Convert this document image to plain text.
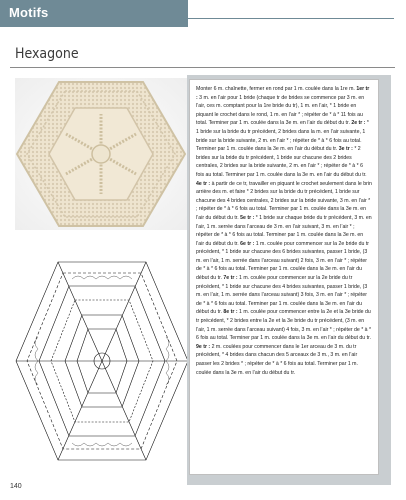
Motifs
Hexagone
Monter 6 m. chaînette, fermer en rond par 1 m. coulée dans la 1re m. 1er tr : 3 m. en l’air pour 1 bride (chaque tr de brides se commence par 3 m. en l’air, ces m. comptant pour la 1re bride du tr), 1 m. en l’air, * 1 bride en piquant le crochet dans le rond, 1 m. en l’air * ; répéter de * à * 11 fois au total. Terminer par 1 m. coulée dans la 3e m. en l’air du début du tr. 2e tr : * 1 bride sur la bride du tr précédent, 2 brides dans la m. en l’air suivante, 1 bride sur la bride suivante, 2 m. en l’air * ; répéter de * à * 6 fois au total. Terminer par 1 m. coulée dans la 3e m. en l’air du début du tr. 3e tr : * 2 brides sur la bride du tr précédent, 1 bride sur chacune des 2 brides centrales, 2 brides sur la bride suivante, 2 m. en l’air * ; répéter de * à * 6 fois au total. Terminer par 1 m. coulée dans la 3e m. en l’air du début du tr. 4e tr : à partir de ce tr, travailler en piquant le crochet seulement dans le brin arrière des m. et faire * 2 brides sur la bride du tr précédent, 1 bride sur chacune des 4 brides centrales, 2 brides sur la bride suivante, 3 m. en l’air * ; répéter de * à * 6 fois au total. Terminer par 1 m. coulée dans la 3e m. en l’air du début du tr. 5e tr : * 1 bride sur chaque bride du tr précédent, 3 m. en l’air, 1 m. serrée dans l’arceau de 3 m. en l’air suivant, 3 m. en l’air * ; répéter de * à * 6 fois au total. Terminer par 1 m. coulée dans la 3e m. en l’air du début du tr. 6e tr : 1 m. coulée pour commencer sur la 2e bride du tr précédent, * 1 bride sur chacune des 6 brides suivantes, passer 1 bride, (3 m. en l’air, 1 m. serrée dans l’arceau suivant) 2 fois, 3 m. en l’air * ; répéter de * à * 6 fois au total. Terminer par 1 m. coulée dans la 3e m. en l’air du début du tr. 7e tr : 1 m. coulée pour commencer sur la 2e bride du tr précédent, * 1 bride sur chacune des 4 brides suivantes, passer 1 bride, (3 m. en l’air, 1 m. serrée dans l’arceau suivant) 3 fois, 3 m. en l’air * ; répéter de * à * 6 fois au total. Terminer par 1 m. coulée dans la 3e m. en l’air du début du tr. 8e tr : 1 m. coulée pour commencer entre la 2e et la 3e bride du tr précédent, * 2 brides entre la 2e et la 3e bride du tr précédent, (3 m. en l’air, 1 m. serrée dans l’arceau suivant) 4 fois, 3 m. en l’air * ; répéter de * à * 6 fois au total. Terminer par 1 m. coulée dans la 3e m. en l’air du début du tr. 9e tr : 2 m. coulées pour commencer dans le 1er arceau de 3 m. du tr précédent, * 4 brides dans chacun des 5 arceaux de 3 m., 3 m. en l’air passer les 2 brides * ; répéter de * à * 6 fois au total. Terminer par 1 m. coulée dans la 3e m. en l’air du début du tr.
140
